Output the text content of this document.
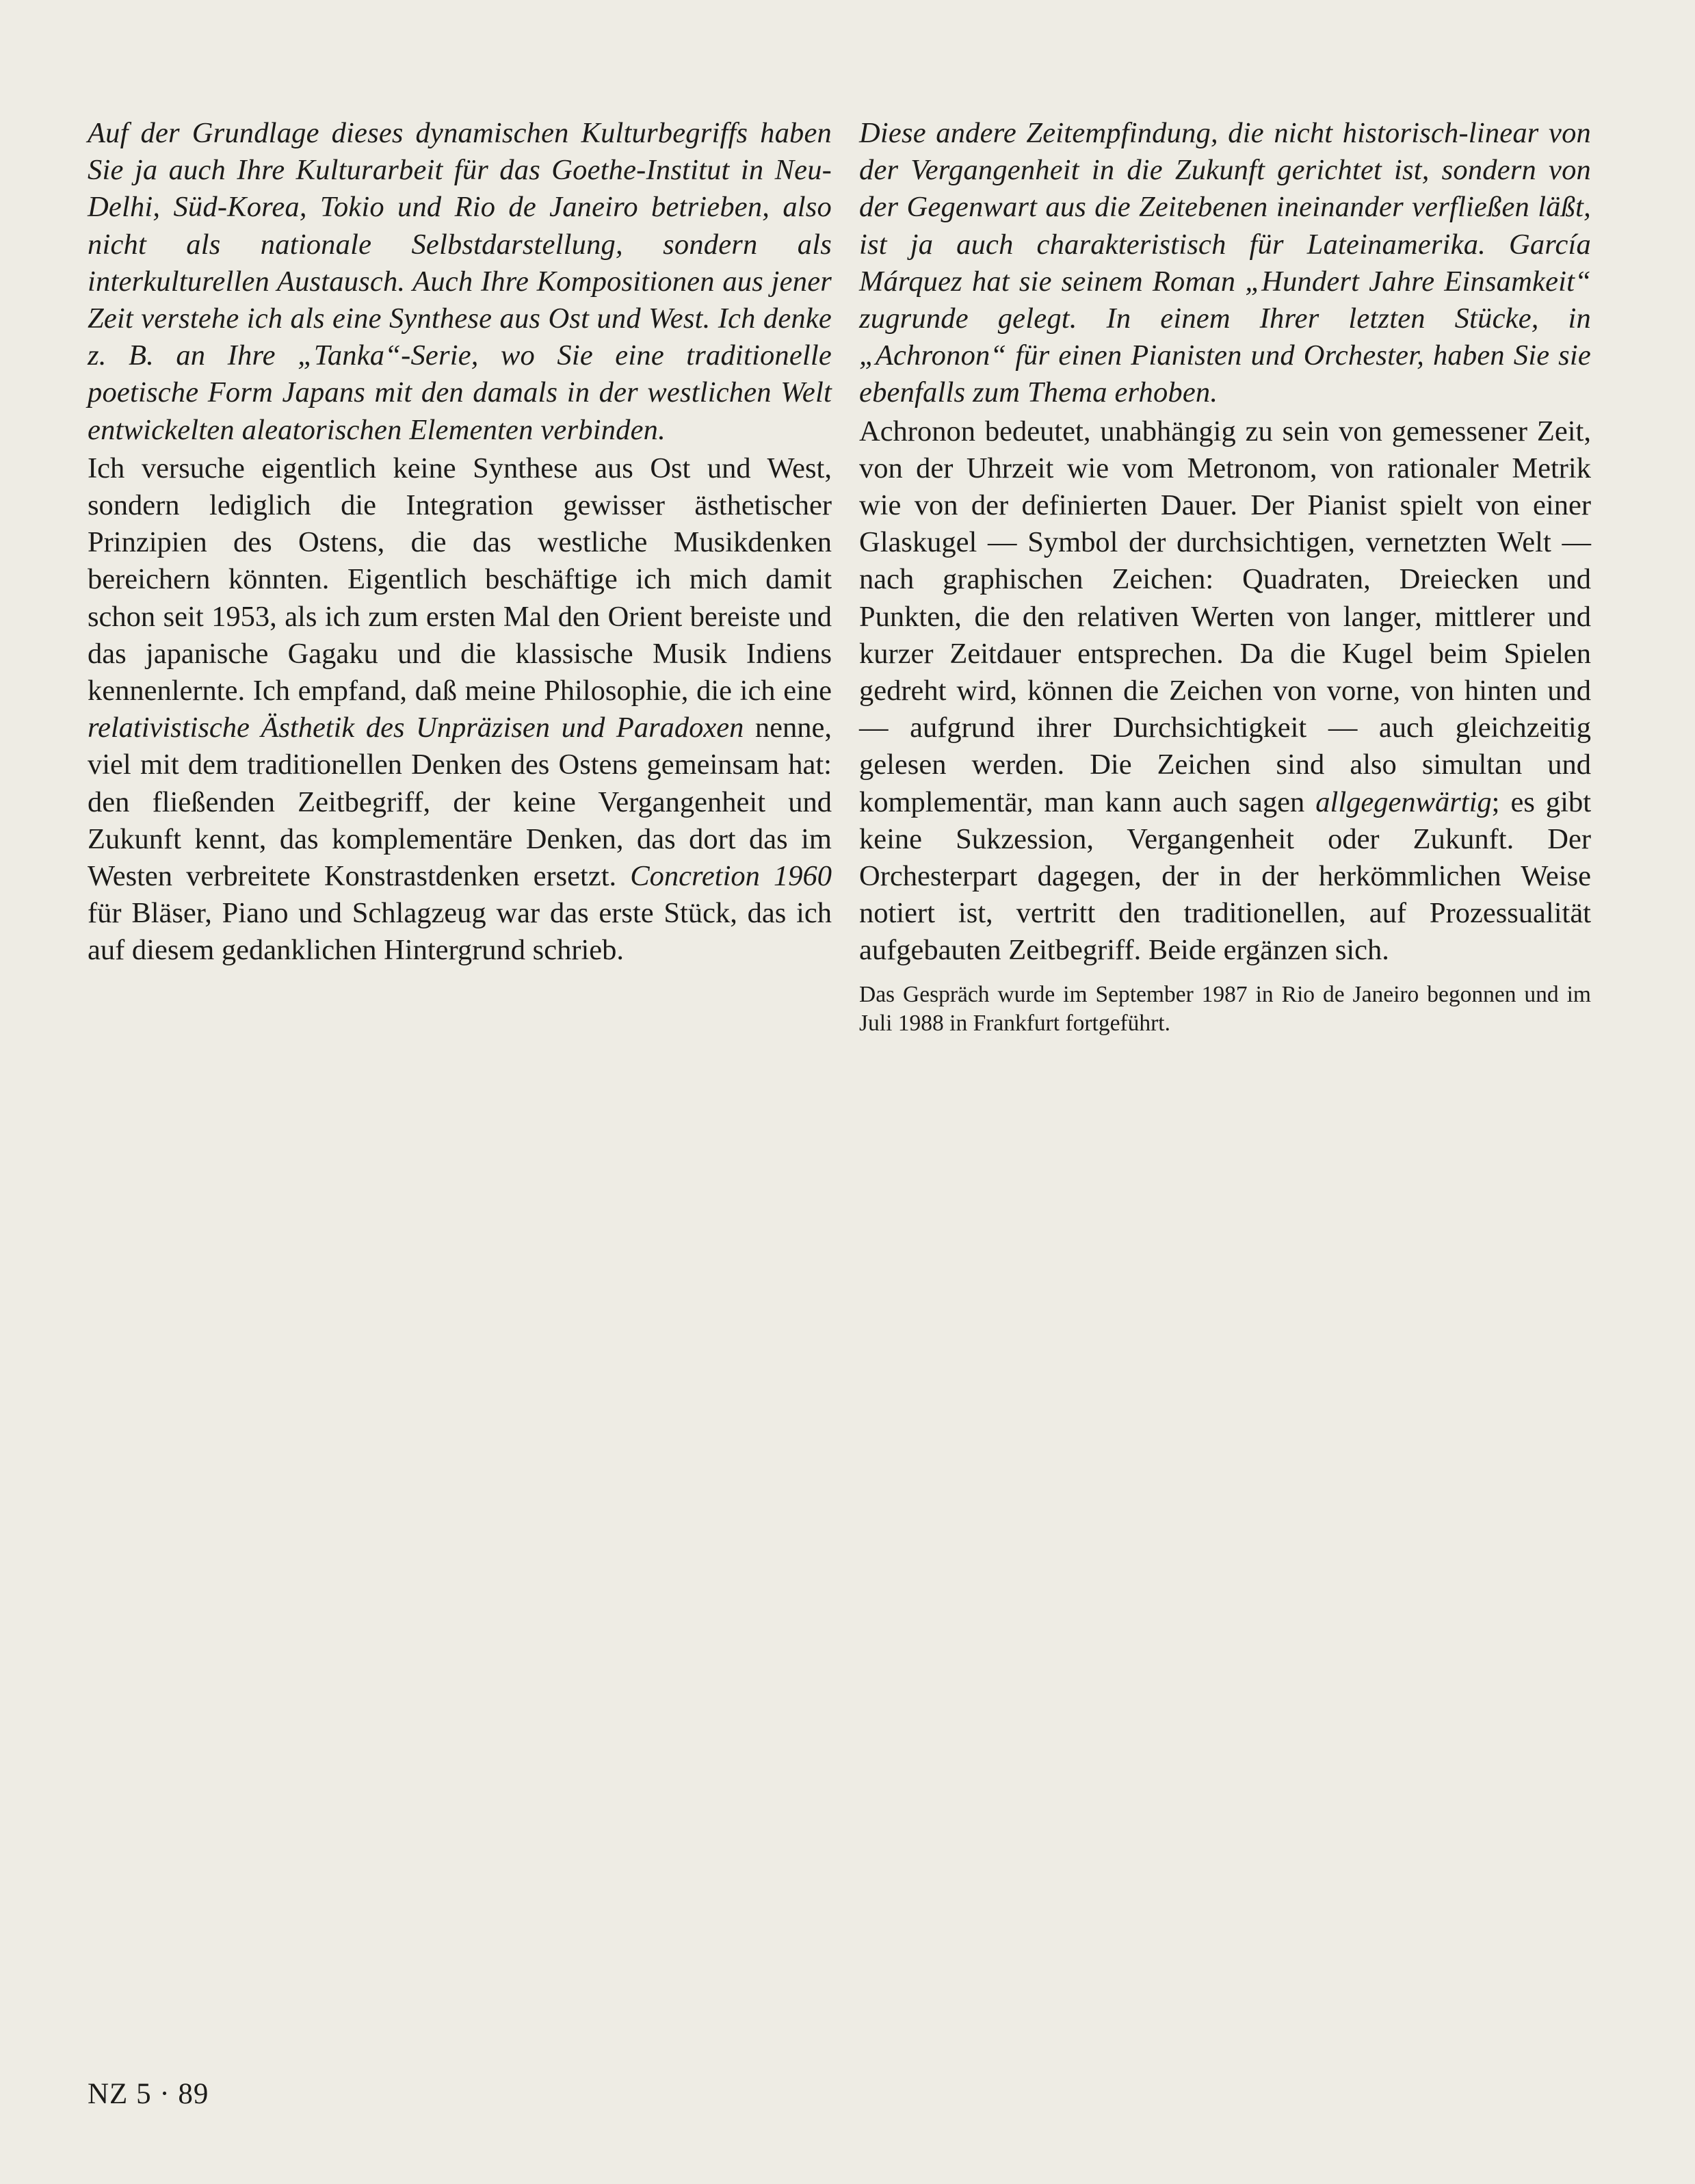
Auf der Grundlage dieses dynamischen Kulturbegriffs haben Sie ja auch Ihre Kulturarbeit für das Goethe-Institut in Neu-Delhi, Süd-Korea, Tokio und Rio de Janeiro betrieben, also nicht als nationale Selbstdarstellung, sondern als interkulturellen Austausch. Auch Ihre Kompositionen aus jener Zeit verstehe ich als eine Synthese aus Ost und West. Ich denke z. B. an Ihre „Tanka“-Serie, wo Sie eine traditionelle poetische Form Japans mit den damals in der westlichen Welt entwickelten aleatorischen Elementen verbinden.

Ich versuche eigentlich keine Synthese aus Ost und West, sondern lediglich die Integration gewisser ästhetischer Prinzipien des Ostens, die das westliche Musikdenken bereichern könnten. Eigentlich beschäftige ich mich damit schon seit 1953, als ich zum ersten Mal den Orient bereiste und das japanische Gagaku und die klassische Musik Indiens kennenlernte. Ich empfand, daß meine Philosophie, die ich eine relativistische Ästhetik des Unpräzisen und Paradoxen nenne, viel mit dem traditionellen Denken des Ostens gemeinsam hat: den fließenden Zeitbegriff, der keine Vergangenheit und Zukunft kennt, das komplementäre Denken, das dort das im Westen verbreitete Konstrastdenken ersetzt. Concretion 1960 für Bläser, Piano und Schlagzeug war das erste Stück, das ich auf diesem gedanklichen Hintergrund schrieb.

Diese andere Zeitempfindung, die nicht historisch-linear von der Vergangenheit in die Zukunft gerichtet ist, sondern von der Gegenwart aus die Zeitebenen ineinander verfließen läßt, ist ja auch charakteristisch für Lateinamerika. García Márquez hat sie seinem Roman „Hundert Jahre Einsamkeit“ zugrunde gelegt. In einem Ihrer letzten Stücke, in „Achronon“ für einen Pianisten und Orchester, haben Sie sie ebenfalls zum Thema erhoben.

Achronon bedeutet, unabhängig zu sein von gemessener Zeit, von der Uhrzeit wie vom Metronom, von rationaler Metrik wie von der definierten Dauer. Der Pianist spielt von einer Glaskugel — Symbol der durchsichtigen, vernetzten Welt — nach graphischen Zeichen: Quadraten, Dreiecken und Punkten, die den relativen Werten von langer, mittlerer und kurzer Zeitdauer entsprechen. Da die Kugel beim Spielen gedreht wird, können die Zeichen von vorne, von hinten und — aufgrund ihrer Durchsichtigkeit — auch gleichzeitig gelesen werden. Die Zeichen sind also simultan und komplementär, man kann auch sagen allgegenwärtig; es gibt keine Sukzession, Vergangenheit oder Zukunft. Der Orchesterpart dagegen, der in der herkömmlichen Weise notiert ist, vertritt den traditionellen, auf Prozessualität aufgebauten Zeitbegriff. Beide ergänzen sich.

Das Gespräch wurde im September 1987 in Rio de Janeiro begonnen und im Juli 1988 in Frankfurt fortgeführt.

NZ 5 · 89
